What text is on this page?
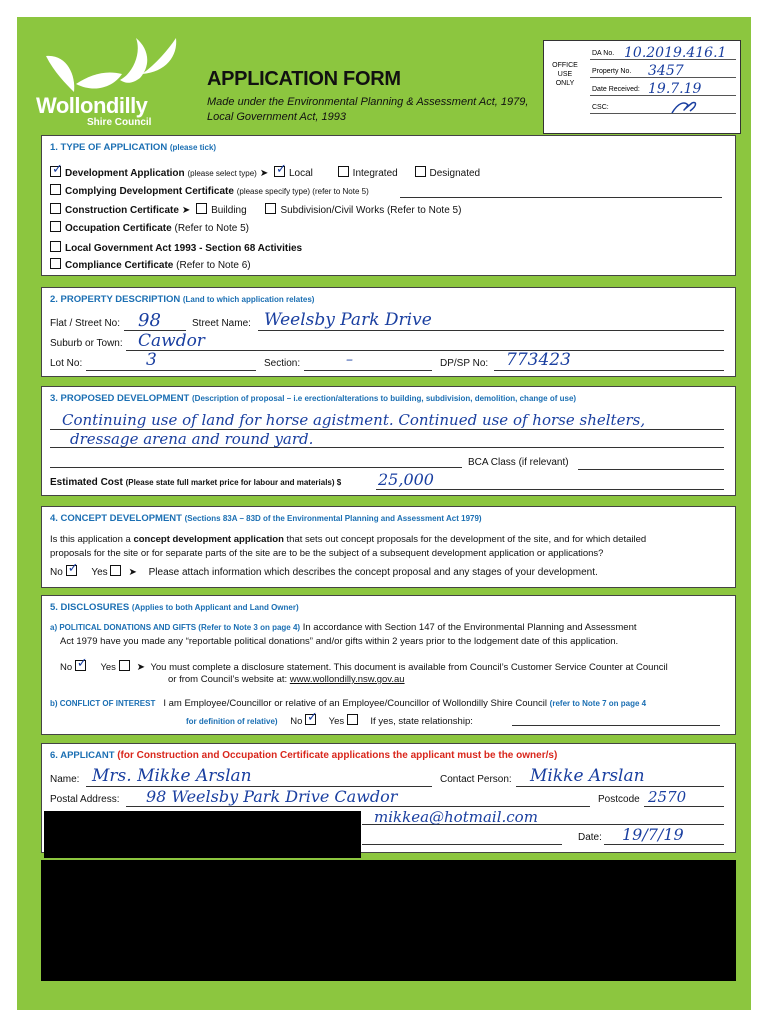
Wollondilly
Shire Council
APPLICATION FORM
Made under the Environmental Planning & Assessment Act, 1979,
Local Government Act, 1993
OFFICE USE ONLY
DA No. 10.2019.416.1
Property No. 3457
Date Received: 19.7.19
CSC:
1. TYPE OF APPLICATION (please tick)
✓Development Application (please select type) ➤ ✓ Local	Integrated	Designated
Complying Development Certificate (please specify type) (refer to Note 5)
Construction Certificate ➤ Building	Subdivision/Civil Works (Refer to Note 5)
Occupation Certificate (Refer to Note 5)
Local Government Act 1993 - Section 68 Activities
Compliance Certificate (Refer to Note 6)
2. PROPERTY DESCRIPTION (Land to which application relates)
Flat / Street No: 98	Street Name: Weelsby Park Drive
Suburb or Town: Cawdor
Lot No:	3	Section:	–	DP/SP No: 773423
3. PROPOSED DEVELOPMENT (Description of proposal – i.e erection/alterations to building, subdivision, demolition, change of use)
Continuing use of land for horse agistment. Continued use of horse shelters,
dressage arena and round yard.
BCA Class (if relevant)
Estimated Cost (Please state full market price for labour and materials) $ 25,000
4. CONCEPT DEVELOPMENT (Sections 83A – 83D of the Environmental Planning and Assessment Act 1979)
Is this application a concept development application that sets out concept proposals for the development of the site, and for which detailed
proposals for the site or for separate parts of the site are to be the subject of a subsequent development application or applications?
No ✓	Yes ➤ Please attach information which describes the concept proposal and any stages of your development.
5. DISCLOSURES (Applies to both Applicant and Land Owner)
a) POLITICAL DONATIONS AND GIFTS (Refer to Note 3 on page 4) In accordance with Section 147 of the Environmental Planning and Assessment
Act 1979 have you made any “reportable political donations” and/or gifts within 2 years prior to the lodgement date of this application.
No ✓	Yes ➤ You must complete a disclosure statement. This document is available from Council’s Customer Service Counter at Council
or from Council’s website at: www.wollondilly.nsw.gov.au
b) CONFLICT OF INTEREST I am Employee/Councillor or relative of an Employee/Councillor of Wollondilly Shire Council (refer to Note 7 on page 4
for definition of relative) No ✓	Yes	If yes, state relationship:
6. APPLICANT (for Construction and Occupation Certificate applications the applicant must be the owner/s)
Name: Mrs. Mikke Arslan	Contact Person: Mikke Arslan
Postal Address: 98 Weelsby Park Drive Cawdor	Postcode 2570
mikkea@hotmail.com
Date: 19/7/19
